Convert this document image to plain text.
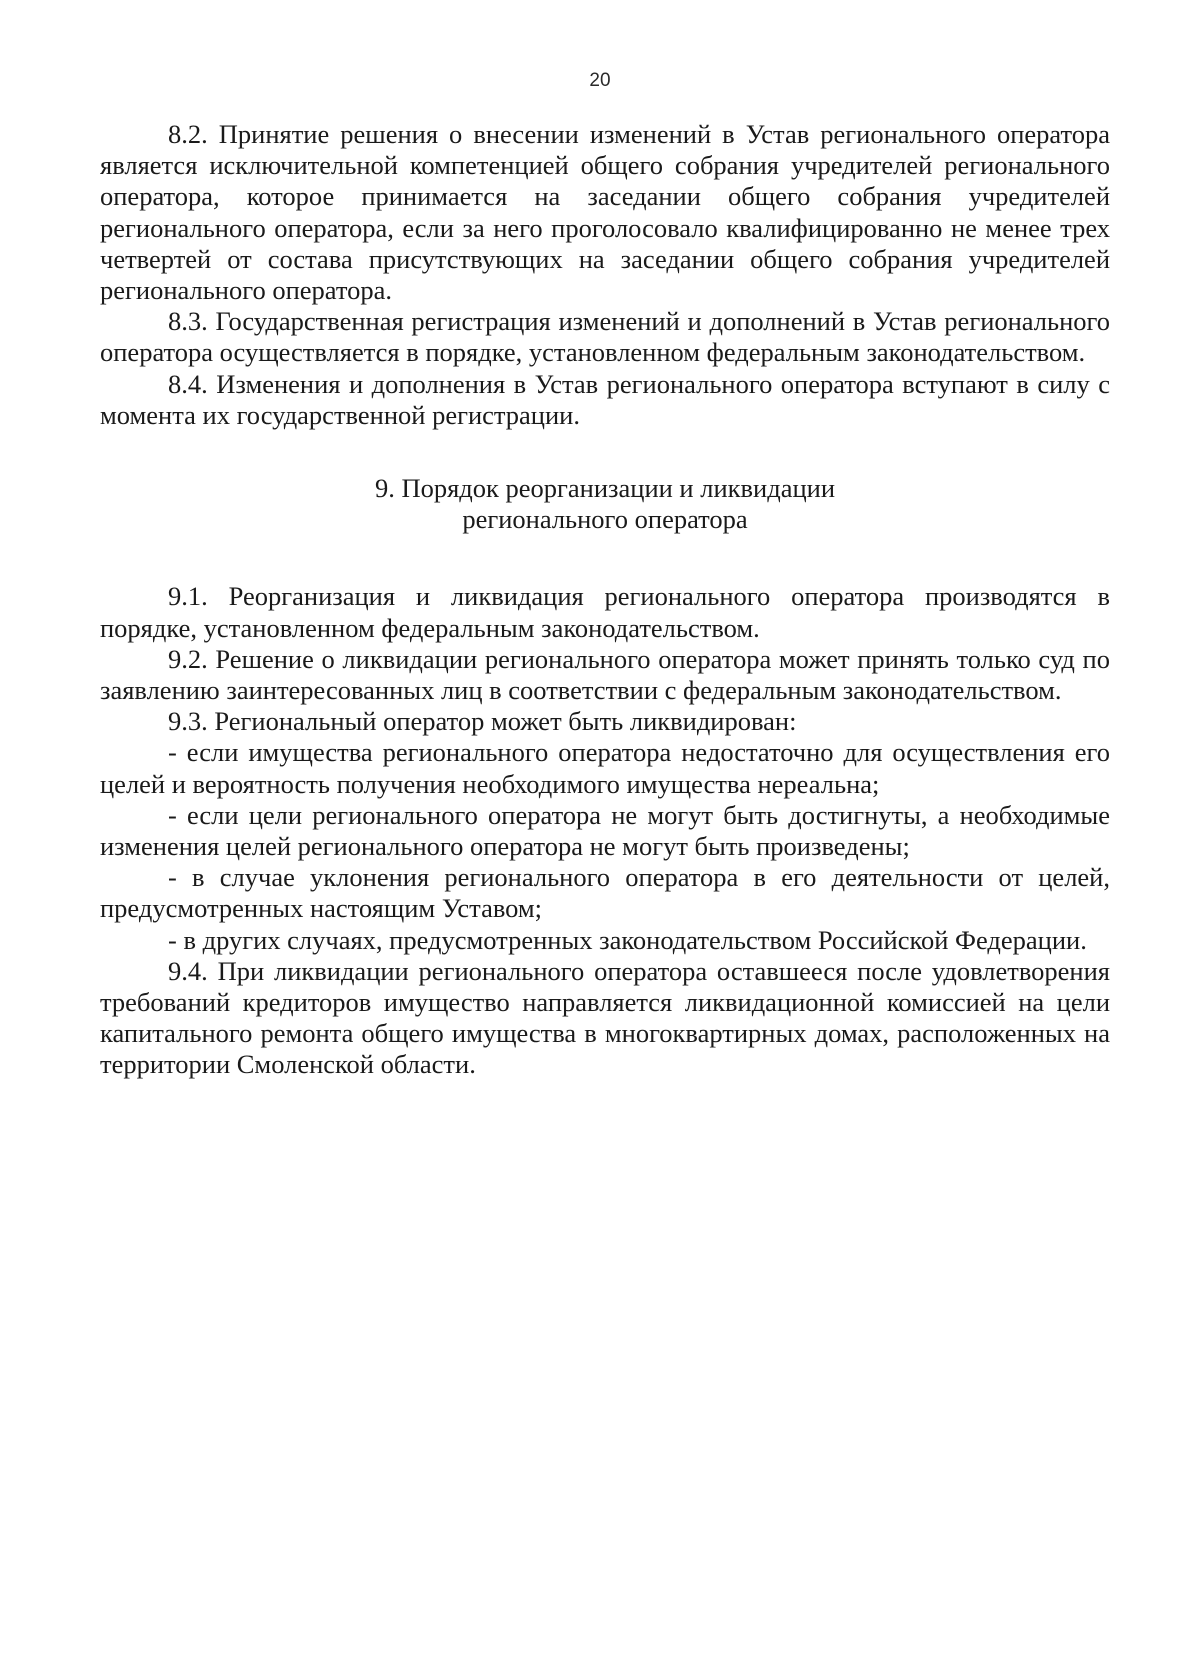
20

8.2. Принятие решения о внесении изменений в Устав регионального оператора является исключительной компетенцией общего собрания учредителей регионального оператора, которое принимается на заседании общего собрания учредителей регионального оператора, если за него проголосовало квалифицированно не менее трех четвертей от состава присутствующих на заседании общего собрания учредителей регионального оператора.

8.3. Государственная регистрация изменений и дополнений в Устав регионального оператора осуществляется в порядке, установленном федеральным законодательством.

8.4. Изменения и дополнения в Устав регионального оператора вступают в силу с момента их государственной регистрации.

9. Порядок реорганизации и ликвидации
регионального оператора

9.1. Реорганизация и ликвидация регионального оператора производятся в порядке, установленном федеральным законодательством.

9.2. Решение о ликвидации регионального оператора может принять только суд по заявлению заинтересованных лиц в соответствии с федеральным законодательством.

9.3. Региональный оператор может быть ликвидирован:

- если имущества регионального оператора недостаточно для осуществления его целей и вероятность получения необходимого имущества нереальна;

- если цели регионального оператора не могут быть достигнуты, а необходимые изменения целей регионального оператора не могут быть произведены;

- в случае уклонения регионального оператора в его деятельности от целей, предусмотренных настоящим Уставом;

- в других случаях, предусмотренных законодательством Российской Федерации.

9.4. При ликвидации регионального оператора оставшееся после удовлетворения требований кредиторов имущество направляется ликвидационной комиссией на цели капитального ремонта общего имущества в многоквартирных домах, расположенных на территории Смоленской области.
